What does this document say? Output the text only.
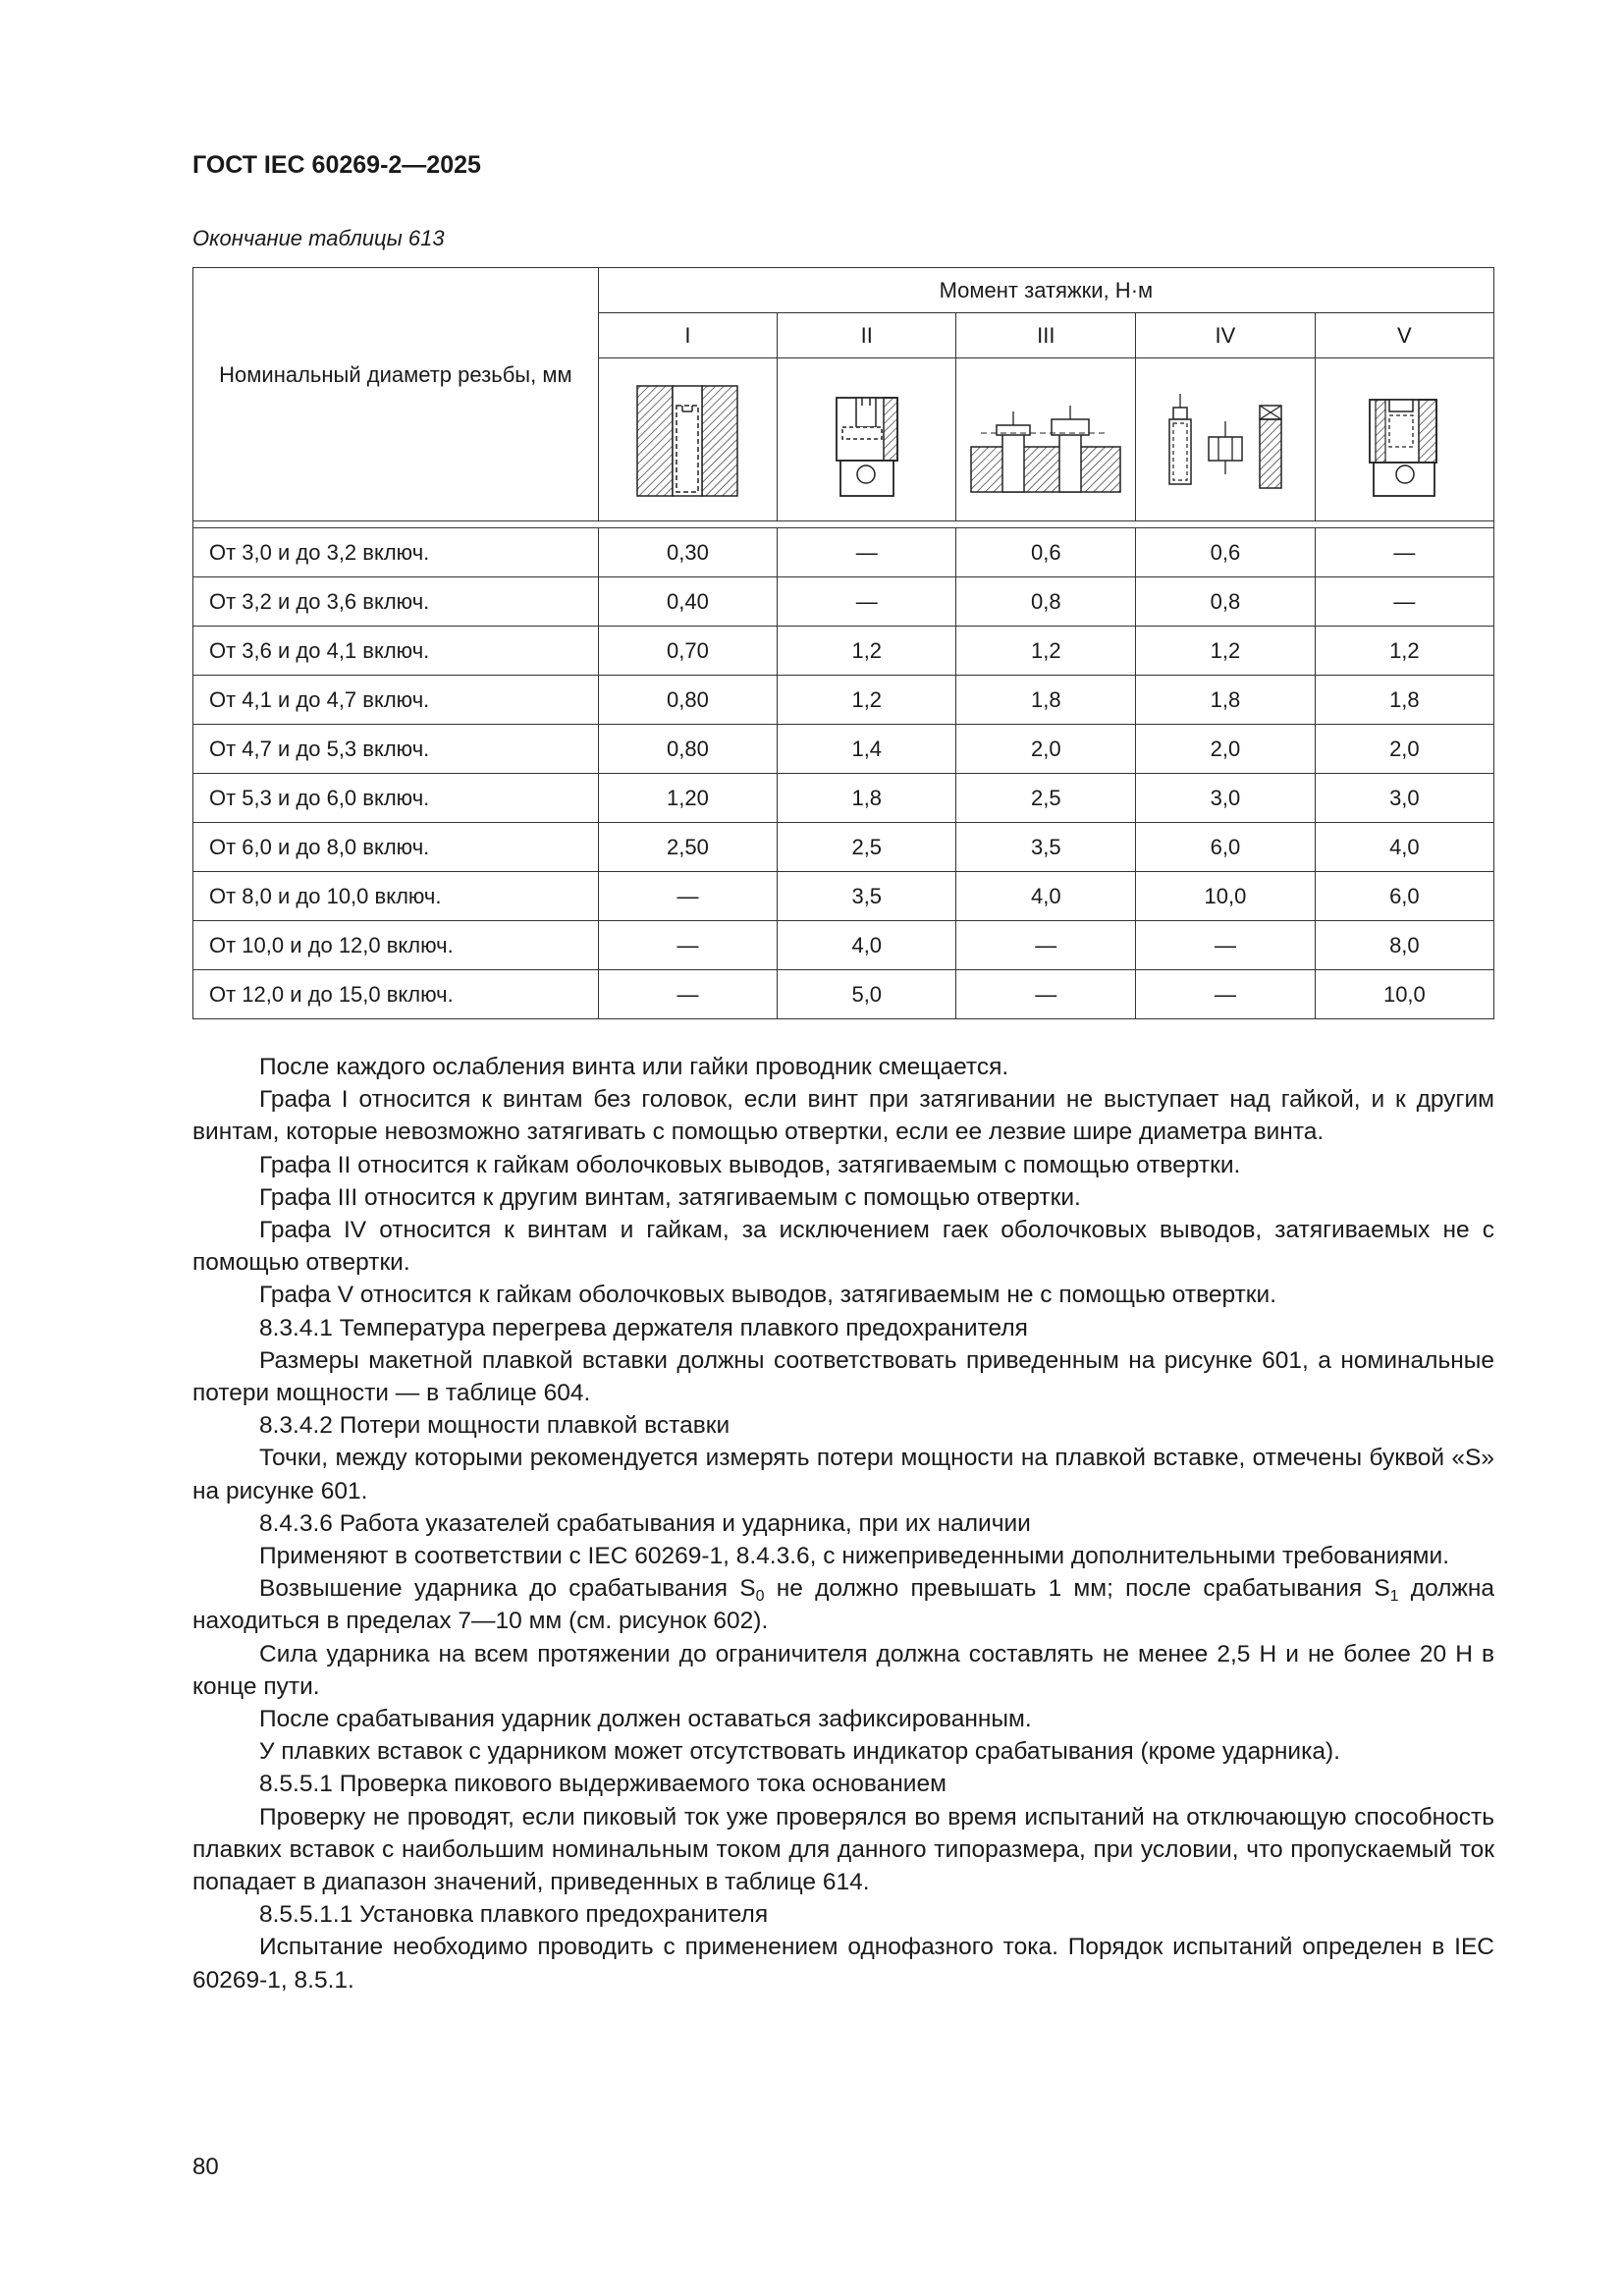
ГОСТ IEC 60269-2—2025
Окончание таблицы 613
Номинальный диаметр резьбы, мм	Момент затяжки, Н·м				
	I	II	III	IV	V

От 3,0 и до 3,2 включ.	0,30	—	0,6	0,6	—
От 3,2 и до 3,6 включ.	0,40	—	0,8	0,8	—
От 3,6 и до 4,1 включ.	0,70	1,2	1,2	1,2	1,2
От 4,1 и до 4,7 включ.	0,80	1,2	1,8	1,8	1,8
От 4,7 и до 5,3 включ.	0,80	1,4	2,0	2,0	2,0
От 5,3 и до 6,0 включ.	1,20	1,8	2,5	3,0	3,0
От 6,0 и до 8,0 включ.	2,50	2,5	3,5	6,0	4,0
От 8,0 и до 10,0 включ.	—	3,5	4,0	10,0	6,0
От 10,0 и до 12,0 включ.	—	4,0	—	—	8,0
От 12,0 и до 15,0 включ.	—	5,0	—	—	10,0

После каждого ослабления винта или гайки проводник смещается.

Графа I относится к винтам без головок, если винт при затягивании не выступает над гайкой, и к другим винтам, которые невозможно затягивать с помощью отвертки, если ее лезвие шире диаметра винта.

Графа II относится к гайкам оболочковых выводов, затягиваемым с помощью отвертки.

Графа III относится к другим винтам, затягиваемым с помощью отвертки.

Графа IV относится к винтам и гайкам, за исключением гаек оболочковых выводов, затягиваемых не с помощью отвертки.

Графа V относится к гайкам оболочковых выводов, затягиваемым не с помощью отвертки.

8.3.4.1 Температура перегрева держателя плавкого предохранителя

Размеры макетной плавкой вставки должны соответствовать приведенным на рисунке 601, а номинальные потери мощности — в таблице 604.

8.3.4.2 Потери мощности плавкой вставки

Точки, между которыми рекомендуется измерять потери мощности на плавкой вставке, отмечены буквой «S» на рисунке 601.

8.4.3.6 Работа указателей срабатывания и ударника, при их наличии

Применяют в соответствии с IEC 60269-1, 8.4.3.6, с нижеприведенными дополнительными требованиями.

Возвышение ударника до срабатывания $S_0$ не должно превышать 1 мм; после срабатывания $S_1$ должна находиться в пределах 7—10 мм (см. рисунок 602).

Сила ударника на всем протяжении до ограничителя должна составлять не менее 2,5 Н и не более 20 Н в конце пути.

После срабатывания ударник должен оставаться зафиксированным.

У плавких вставок с ударником может отсутствовать индикатор срабатывания (кроме ударника).

8.5.5.1 Проверка пикового выдерживаемого тока основанием

Проверку не проводят, если пиковый ток уже проверялся во время испытаний на отключающую способность плавких вставок с наибольшим номинальным током для данного типоразмера, при условии, что пропускаемый ток попадает в диапазон значений, приведенных в таблице 614.

8.5.5.1.1 Установка плавкого предохранителя

Испытание необходимо проводить с применением однофазного тока. Порядок испытаний определен в IEC 60269-1, 8.5.1.

80
